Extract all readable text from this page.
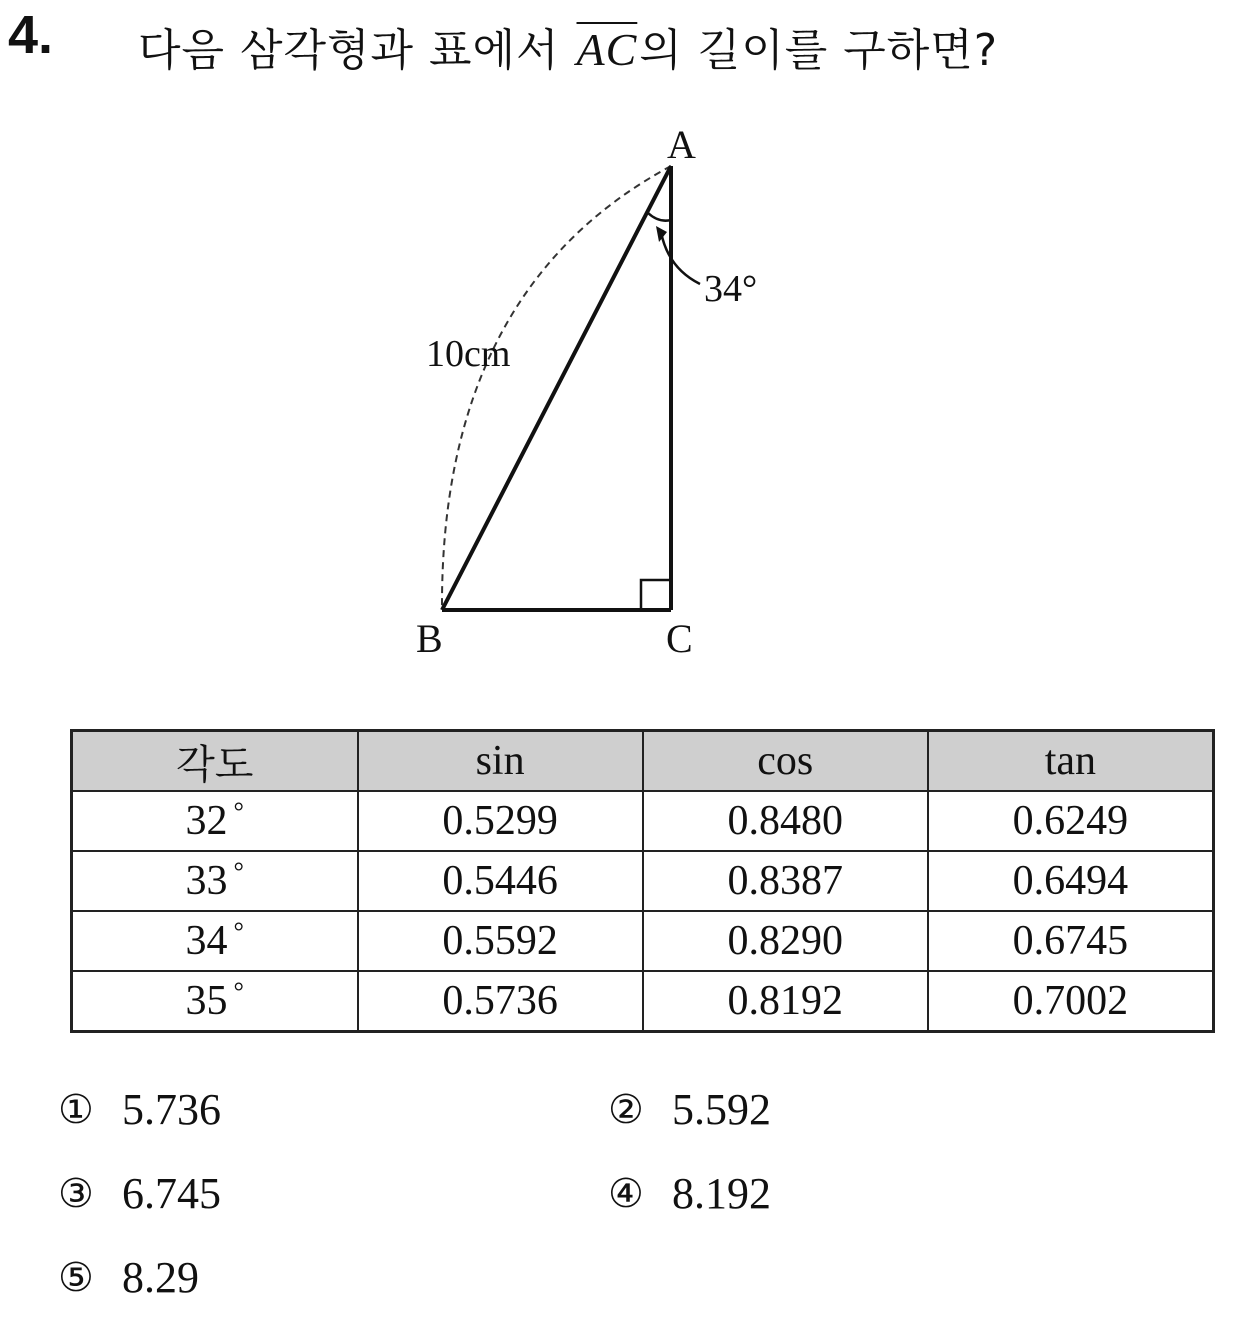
4. 다음 삼각형과 표에서 $\overline{AC}$의 길이를 구하면?
A
B	C
10cm
34°
각도	sin	cos	tan
32 °	0.5299	0.8480	0.6249
33 °	0.5446	0.8387	0.6494
34 °	0.5592	0.8290	0.6745
35 °	0.5736	0.8192	0.7002
① 5.736	② 5.592
③ 6.745	④ 8.192
⑤ 8.29
